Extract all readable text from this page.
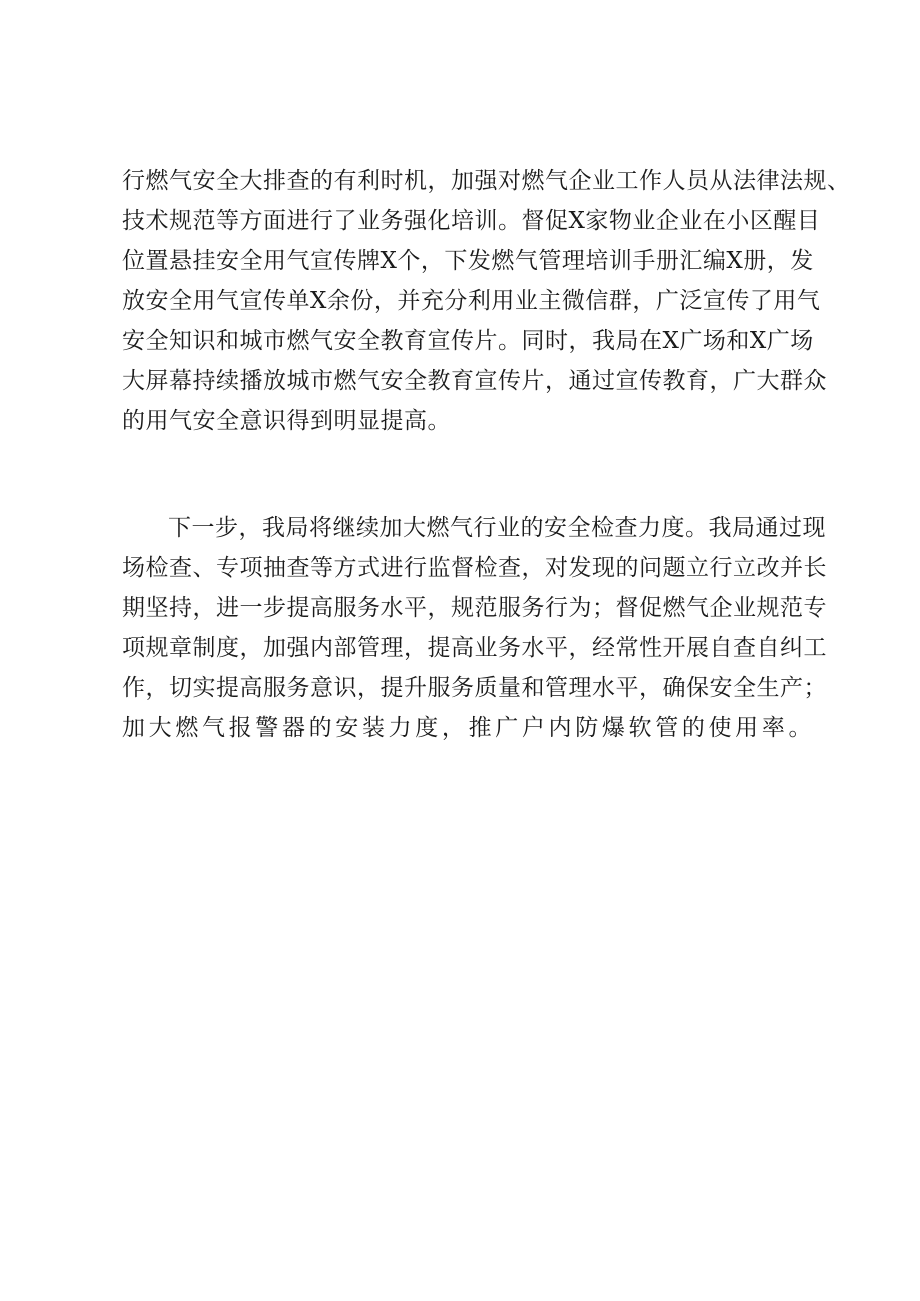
行燃气安全大排查的有利时机，加强对燃气企业工作人员从法律法规、
技术规范等方面进行了业务强化培训。督促X家物业企业在小区醒目
位置悬挂安全用气宣传牌X个，下发燃气管理培训手册汇编X册，发
放安全用气宣传单X余份，并充分利用业主微信群，广泛宣传了用气
安全知识和城市燃气安全教育宣传片。同时，我局在X广场和X广场
大屏幕持续播放城市燃气安全教育宣传片，通过宣传教育，广大群众
的用气安全意识得到明显提高。
下一步，我局将继续加大燃气行业的安全检查力度。我局通过现
场检查、专项抽查等方式进行监督检查，对发现的问题立行立改并长
期坚持，进一步提高服务水平，规范服务行为；督促燃气企业规范专
项规章制度，加强内部管理，提高业务水平，经常性开展自查自纠工
作，切实提高服务意识，提升服务质量和管理水平，确保安全生产；
加大燃气报警器的安装力度，推广户内防爆软管的使用率。
